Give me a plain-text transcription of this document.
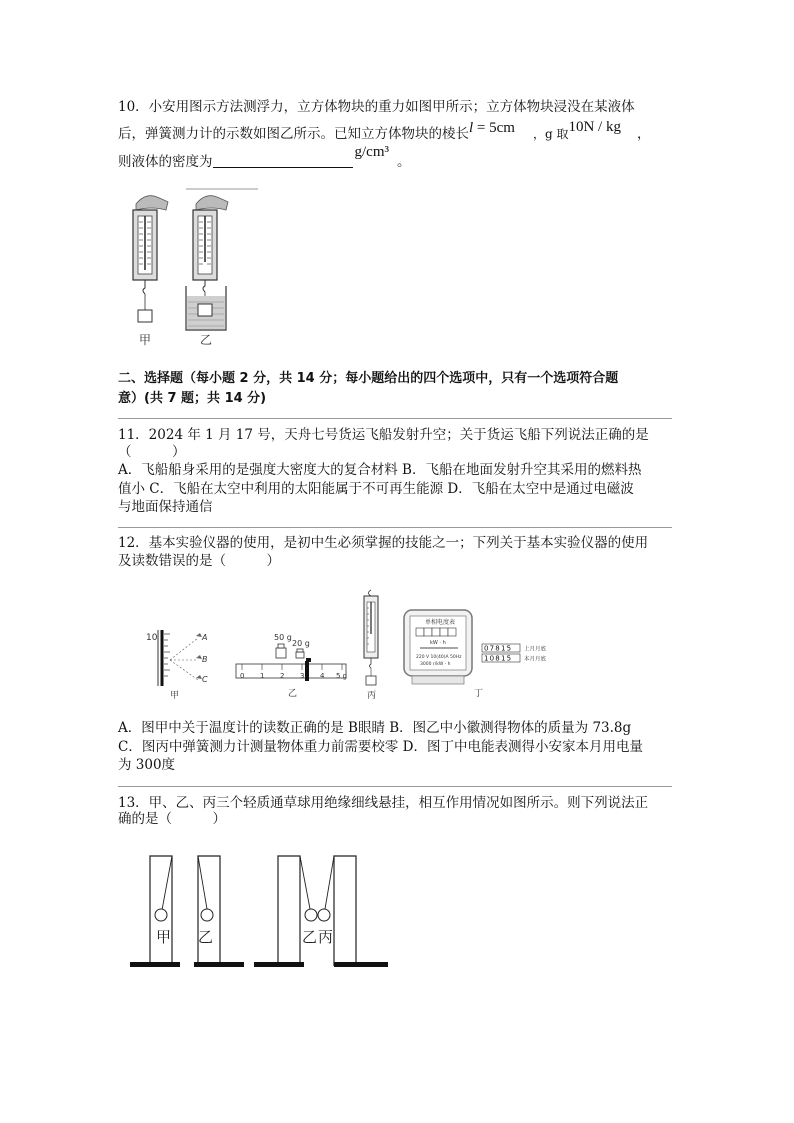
10．小安用图示方法测浮力，立方体物块的重力如图甲所示；立方体物块浸没在某液体
后，弹簧测力计的示数如图乙所示。已知立方体物块的棱长l = 5cm ，g 取10N / kg ，
则液体的密度为g/cm³。
甲	乙
二、选择题（每小题 2 分，共 14 分；每小题给出的四个选项中，只有一个选项符合题
意）(共 7 题；共 14 分)
11．2024 年 1 月 17 号，天舟七号货运飞船发射升空；关于货运飞船下列说法正确的是
（　　　）
A．飞船船身采用的是强度大密度大的复合材料 B．飞船在地面发射升空其采用的燃料热
值小 C．飞船在太空中利用的太阳能属于不可再生能源 D．飞船在太空中是通过电磁波
与地面保持通信
12．基本实验仪器的使用，是初中生必须掌握的技能之一；下列关于基本实验仪器的使用
及读数错误的是（　　　）
10	A
B
C
甲
50 g
20 g
0 1 2 3 4 5 g
乙	丙
单相电度表
kW · h
220 V 10(40)A 50Hz
3000 r/kW · h
07815
10815
上月月底
本月月底
丁
A．图甲中关于温度计的读数正确的是 B眼睛 B．图乙中小徽测得物体的质量为 73.8g
C．图丙中弹簧测力计测量物体重力前需要校零 D．图丁中电能表测得小安家本月用电量
为 300度
13．甲、乙、丙三个轻质通草球用绝缘细线悬挂，相互作用情况如图所示。则下列说法正
确的是（　　　）
甲 乙	乙 丙
